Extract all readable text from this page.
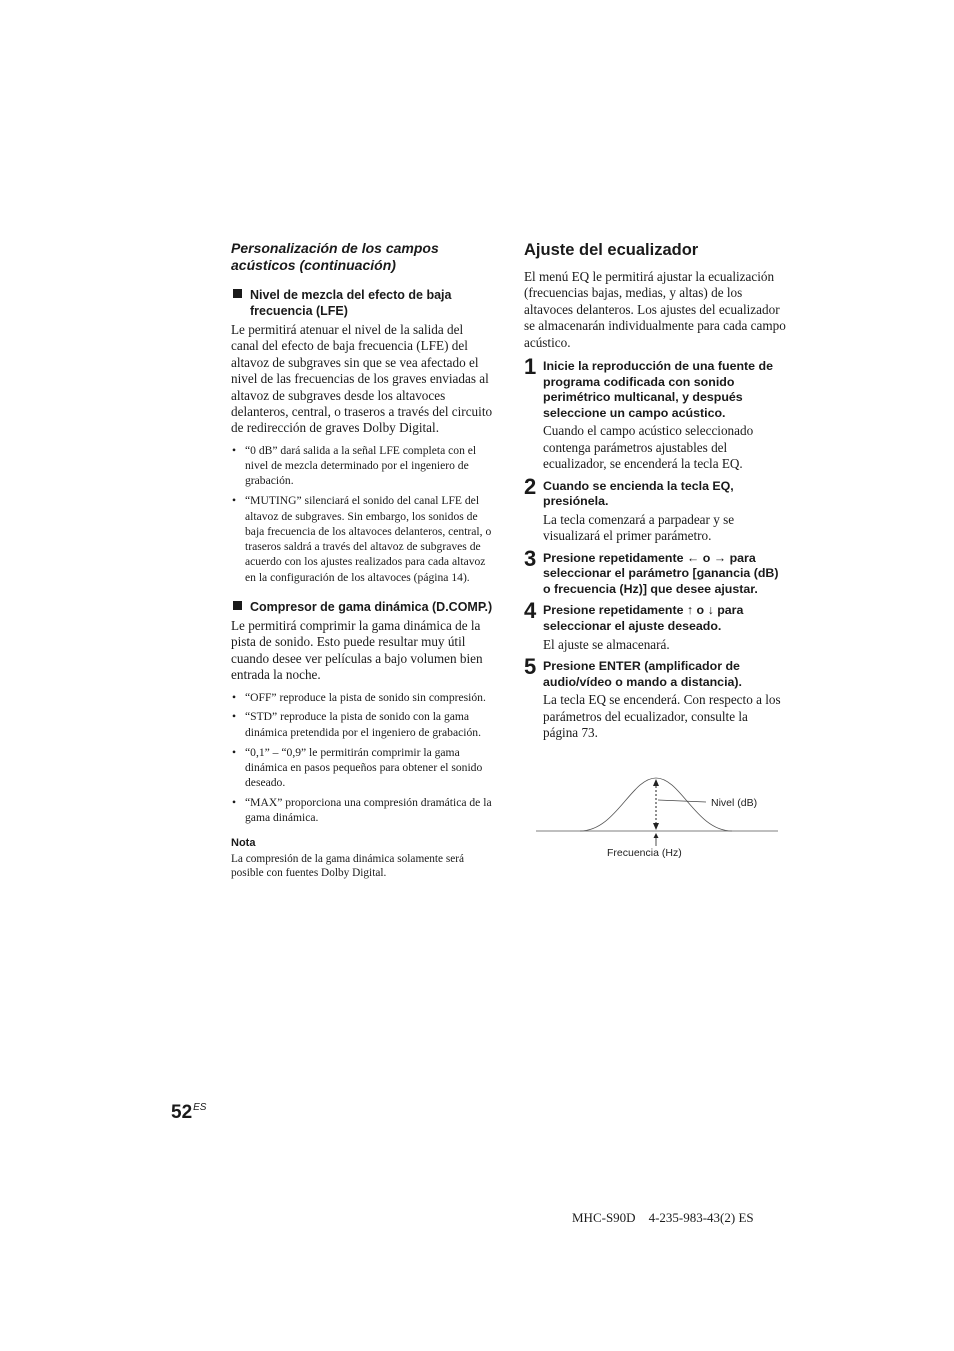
Personalización de los campos acústicos (continuación)
Nivel de mezcla del efecto de baja frecuencia (LFE)

Le permitirá atenuar el nivel de la salida del canal del efecto de baja frecuencia (LFE) del altavoz de subgraves sin que se vea afectado el nivel de las frecuencias de los graves enviadas al altavoz de subgraves desde los altavoces delanteros, central, o traseros a través del circuito de redirección de graves Dolby Digital.

• “0 dB” dará salida a la señal LFE completa con el nivel de mezcla determinado por el ingeniero de grabación.
• “MUTING” silenciará el sonido del canal LFE del altavoz de subgraves. Sin embargo, los sonidos de baja frecuencia de los altavoces delanteros, central, o traseros saldrá a través del altavoz de subgraves de acuerdo con los ajustes realizados para cada altavoz en la configuración de los altavoces (página 14).
Compresor de gama dinámica (D.COMP.)

Le permitirá comprimir la gama dinámica de la pista de sonido. Esto puede resultar muy útil cuando desee ver películas a bajo volumen bien entrada la noche.

• “OFF” reproduce la pista de sonido sin compresión.
• “STD” reproduce la pista de sonido con la gama dinámica pretendida por el ingeniero de grabación.
• “0,1” – “0,9” le permitirán comprimir la gama dinámica en pasos pequeños para obtener el sonido deseado.
• “MAX” proporciona una compresión dramática de la gama dinámica.
Nota

La compresión de la gama dinámica solamente será posible con fuentes Dolby Digital.

Ajuste del ecualizador

El menú EQ le permitirá ajustar la ecualización (frecuencias bajas, medias, y altas) de los altavoces delanteros. Los ajustes del ecualizador se almacenarán individualmente para cada campo acústico.

1 Inicie la reproducción de una fuente de programa codificada con sonido perimétrico multicanal, y después seleccione un campo acústico.

Cuando el campo acústico seleccionado contenga parámetros ajustables del ecualizador, se encenderá la tecla EQ.

2 Cuando se encienda la tecla EQ, presiónela.

La tecla comenzará a parpadear y se visualizará el primer parámetro.

3 Presione repetidamente ← o → para seleccionar el parámetro [ganancia (dB) o frecuencia (Hz)] que desee ajustar.

4 Presione repetidamente ↑ o ↓ para seleccionar el ajuste deseado.

El ajuste se almacenará.

5 Presione ENTER (amplificador de audio/vídeo o mando a distancia).

La tecla EQ se encenderá. Con respecto a los parámetros del ecualizador, consulte la página 73.

Nivel (dB)
Frecuencia (Hz)
$52^{ES}$
MHC-S90D    4-235-983-43(2) ES
